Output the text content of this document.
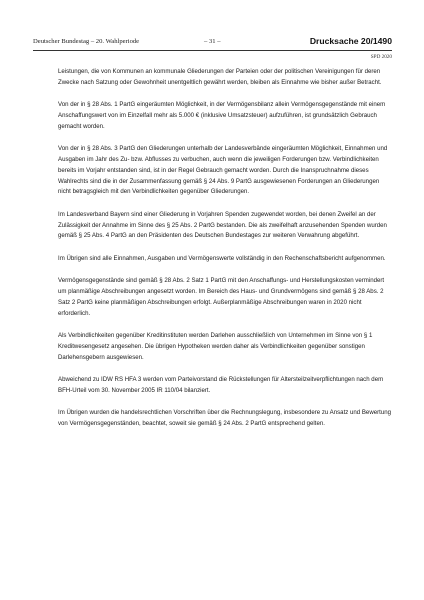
Deutscher Bundestag – 20. Wahlperiode	– 31 –	Drucksache 20/1490
SPD 2020

Leistungen, die von Kommunen an kommunale Gliederungen der Parteien oder der politischen Vereinigungen für deren Zwecke nach Satzung oder Gewohnheit unentgeltlich gewährt werden, bleiben als Einnahme wie bisher außer Betracht.

Von der in § 28 Abs. 1 PartG eingeräumten Möglichkeit, in der Vermögensbilanz allein Vermögensgegenstände mit einem Anschaffungswert von im Einzelfall mehr als 5.000 € (inklusive Umsatzsteuer) aufzuführen, ist grundsätzlich Gebrauch gemacht worden.

Von der in § 28 Abs. 3 PartG den Gliederungen unterhalb der Landesverbände eingeräumten Möglichkeit, Einnahmen und Ausgaben im Jahr des Zu- bzw. Abflusses zu verbuchen, auch wenn die jeweiligen Forderungen bzw. Verbindlichkeiten bereits im Vorjahr entstanden sind, ist in der Regel Gebrauch gemacht worden. Durch die Inanspruchnahme dieses Wahlrechts sind die in der Zusammenfassung gemäß § 24 Abs. 9 PartG ausgewiesenen Forderungen an Gliederungen nicht betragsgleich mit den Verbindlichkeiten gegenüber Gliederungen.

Im Landesverband Bayern sind einer Gliederung in Vorjahren Spenden zugewendet worden, bei denen Zweifel an der Zulässigkeit der Annahme im Sinne des § 25 Abs. 2 PartG bestanden. Die als zweifelhaft anzusehenden Spenden wurden gemäß § 25 Abs. 4 PartG an den Präsidenten des Deutschen Bundestages zur weiteren Verwahrung abgeführt.

Im Übrigen sind alle Einnahmen, Ausgaben und Vermögenswerte vollständig in den Rechenschaftsbericht aufgenommen.

Vermögensgegenstände sind gemäß § 28 Abs. 2 Satz 1 PartG mit den Anschaffungs- und Herstellungskosten vermindert um planmäßige Abschreibungen angesetzt worden. Im Bereich des Haus- und Grundvermögens sind gemäß § 28 Abs. 2 Satz 2 PartG keine planmäßigen Abschreibungen erfolgt. Außerplanmäßige Abschreibungen waren in 2020 nicht erforderlich.

Als Verbindlichkeiten gegenüber Kreditinstituten werden Darlehen ausschließlich von Unternehmen im Sinne von § 1 Kreditwesengesetz angesehen. Die übrigen Hypotheken werden daher als Verbindlichkeiten gegenüber sonstigen Darlehensgebern ausgewiesen.

Abweichend zu IDW RS HFA 3 werden vom Parteivorstand die Rückstellungen für Altersteilzeitverpflichtungen nach dem BFH-Urteil vom 30. November 2005 IR 110/04 bilanziert.

Im Übrigen wurden die handelsrechtlichen Vorschriften über die Rechnungslegung, insbesondere zu Ansatz und Bewertung von Vermögensgegenständen, beachtet, soweit sie gemäß § 24 Abs. 2 PartG entsprechend gelten.
